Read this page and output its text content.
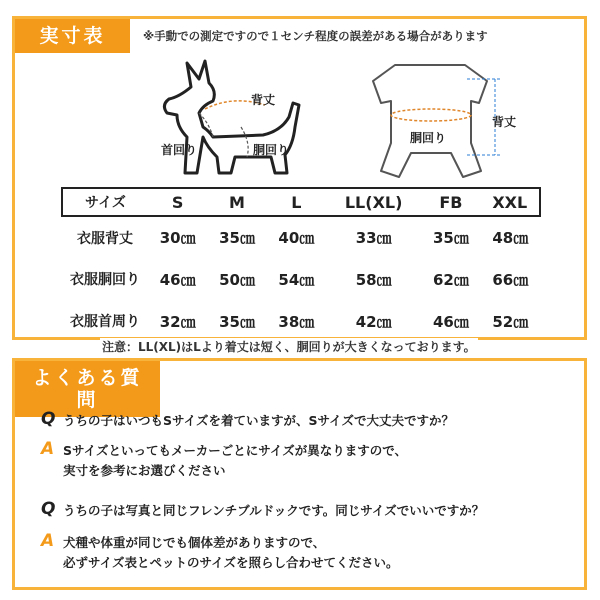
実寸表	※手動での測定ですので１センチ程度の誤差がある場合があります
背丈
首回り	胴回り
背丈
胴回り
サイズ	S	M	L	LL(XL)	FB	XXL
衣服背丈	30㎝	35㎝	40㎝	33㎝	35㎝	48㎝
衣服胴回り	46㎝	50㎝	54㎝	58㎝	62㎝	66㎝
衣服首周り	32㎝	35㎝	38㎝	42㎝	46㎝	52㎝
注意：LL(XL)はLより着丈は短く、胴回りが大きくなっております。
よくある質問
Q うちの子はいつもSサイズを着ていますが、Sサイズで大丈夫ですか？
A Sサイズといってもメーカーごとにサイズが異なりますので、
実寸を参考にお選びください
Q うちの子は写真と同じフレンチブルドックです。同じサイズでいいですか？
A 犬種や体重が同じでも個体差がありますので、
必ずサイズ表とペットのサイズを照らし合わせてください。
